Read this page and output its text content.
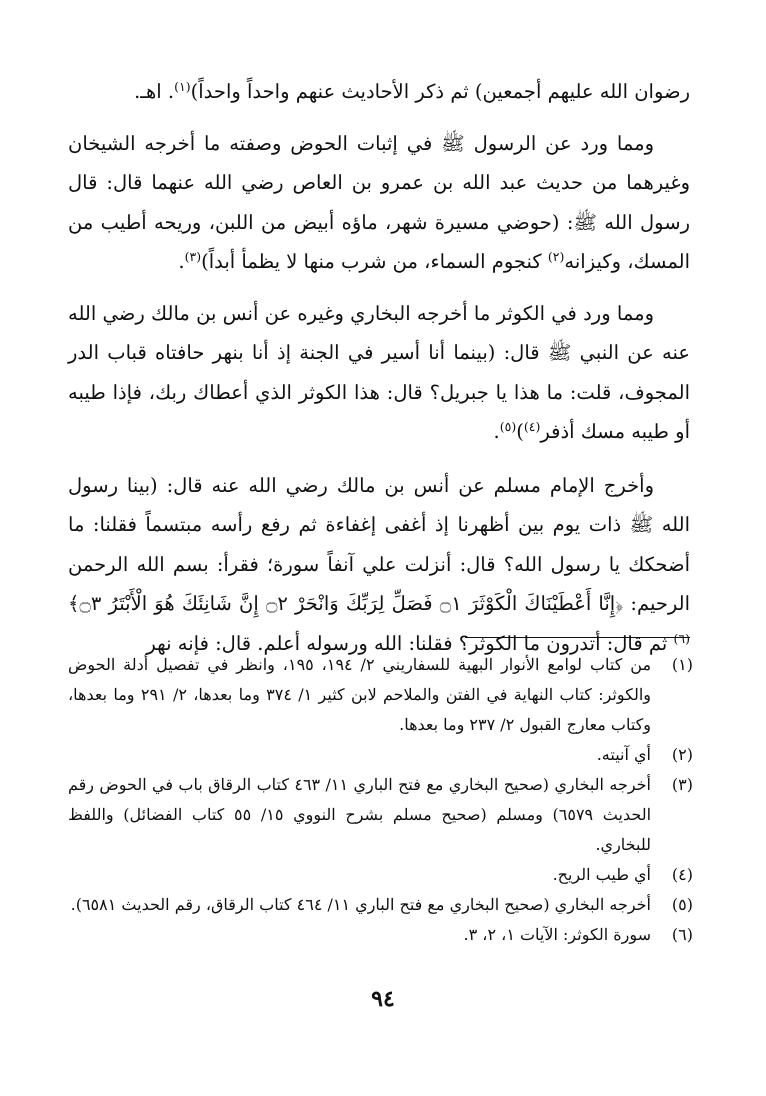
رضوان الله عليهم أجمعين) ثم ذكر الأحاديث عنهم واحداً واحداً)$^{(١)}$. اهـ.

ومما ورد عن الرسول ﷺ في إثبات الحوض وصفته ما أخرجه الشيخان وغيرهما من حديث عبد الله بن عمرو بن العاص رضي الله عنهما قال: قال رسول الله ﷺ: (حوضي مسيرة شهر، ماؤه أبيض من اللبن، وريحه أطيب من المسك، وكيزانه$^{(٢)}$ كنجوم السماء، من شرب منها لا يظمأ أبداً)$^{(٣)}$.

ومما ورد في الكوثر ما أخرجه البخاري وغيره عن أنس بن مالك رضي الله عنه عن النبي ﷺ قال: (بينما أنا أسير في الجنة إذ أنا بنهر حافتاه قباب الدر المجوف، قلت: ما هذا يا جبريل؟ قال: هذا الكوثر الذي أعطاك ربك، فإذا طيبه أو طيبه مسك أذفر$^{(٤)}$)$^{(٥)}$.

وأخرج الإمام مسلم عن أنس بن مالك رضي الله عنه قال: (بينا رسول الله ﷺ ذات يوم بين أظهرنا إذ أغفى إغفاءة ثم رفع رأسه مبتسماً فقلنا: ما أضحكك يا رسول الله؟ قال: أنزلت علي آنفاً سورة؛ فقرأ: بسم الله الرحمن الرحيم: ﴿إِنَّا أَعْطَيْنَاكَ الْكَوْثَرَ ۝١ فَصَلِّ لِرَبِّكَ وَانْحَرْ ۝٢ إِنَّ شَانِئَكَ هُوَ الْأَبْتَرُ ۝٣﴾$^{(٦)}$ ثم قال: أتدرون ما الكوثر؟ فقلنا: الله ورسوله أعلم. قال: فإنه نهر

(١)
من كتاب لوامع الأنوار البهية للسفاريني ٢/ ١٩٤، ١٩٥، وانظر في تفصيل أدلة الحوض والكوثر: كتاب النهاية في الفتن والملاحم لابن كثير ١/ ٣٧٤ وما بعدها، ٢/ ٢٩١ وما بعدها، وكتاب معارج القبول ٢/ ٢٣٧ وما بعدها.
(٢)
أي آنيته.
(٣)
أخرجه البخاري (صحيح البخاري مع فتح الباري ١١/ ٤٦٣ كتاب الرقاق باب في الحوض رقم الحديث ٦٥٧٩) ومسلم (صحيح مسلم بشرح النووي ١٥/ ٥٥ كتاب الفضائل) واللفظ للبخاري.
(٤)
أي طيب الريح.
(٥)
أخرجه البخاري (صحيح البخاري مع فتح الباري ١١/ ٤٦٤ كتاب الرقاق، رقم الحديث ٦٥٨١).
(٦)
سورة الكوثر: الآيات ١، ٢، ٣.
٩٤
